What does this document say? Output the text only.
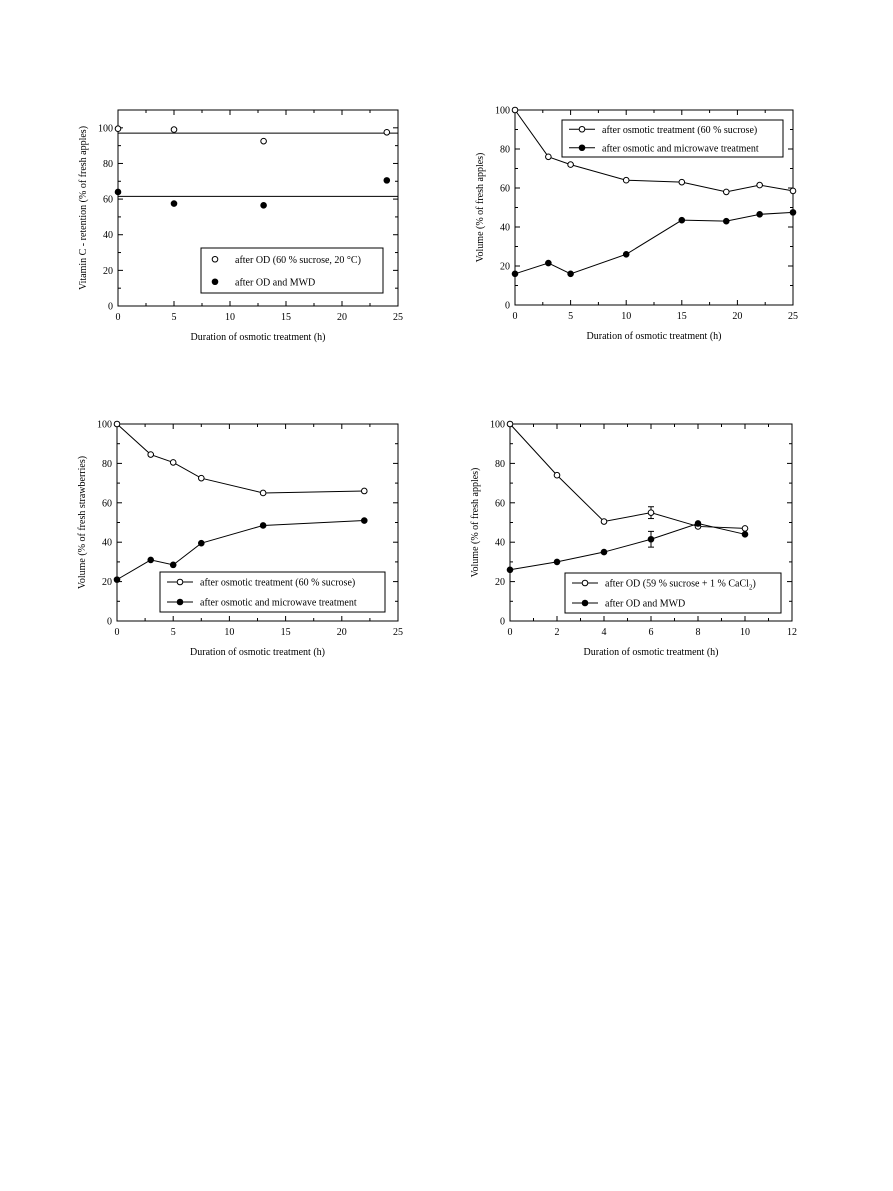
0	5	10	15	20	25
0
20
40
60
80
100
Duration of osmotic treatment (h)
Vitamin C - retention (% of fresh apples)	after OD (60 % sucrose, 20 °C)
after OD and MWD
0	5	10	15	20	25
0
20
40
60
80
100
Duration of osmotic treatment (h)
Volume (% of fresh apples)
after osmotic treatment (60 % sucrose)
after osmotic and microwave treatment
0	5	10	15	20	25
0
20
40
60
80
100
Duration of osmotic treatment (h)
Volume (% of fresh strawberries)	after osmotic treatment (60 % sucrose)
after osmotic and microwave treatment
0	2	4	6	8	10	12
0
20
40
60
80
100
Duration of osmotic treatment (h)
Volume (% of fresh apples)
after OD (59 % sucrose + 1 % CaCl$_2$)
after OD and MWD
